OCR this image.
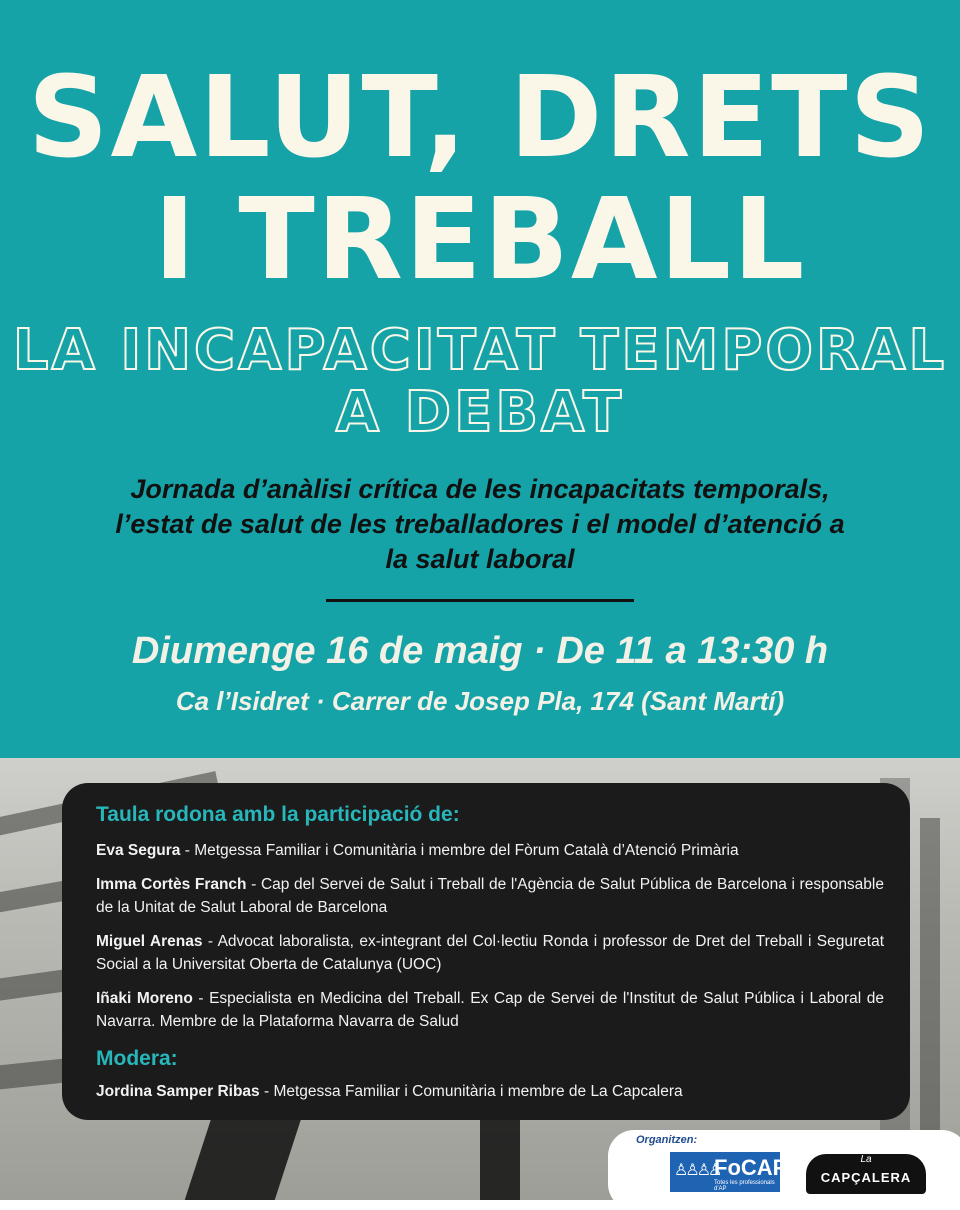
SALUT, DRETS
I TREBALL
LA INCAPACITAT TEMPORAL
A DEBAT
Jornada d’anàlisi crítica de les incapacitats temporals,
l’estat de salut de les treballadores i el model d’atenció a
la salut laboral
Diumenge 16 de maig · De 11 a 13:30 h
Ca l’Isidret · Carrer de Josep Pla, 174 (Sant Martí)
Taula rodona amb la participació de:
Eva Segura - Metgessa Familiar i Comunitària i membre del Fòrum Català d’Atenció Primària
Imma Cortès Franch - Cap del Servei de Salut i Treball de l'Agència de Salut Pública de Barcelona i responsable de la Unitat de Salut Laboral de Barcelona
Miguel Arenas - Advocat laboralista, ex-integrant del Col·lectiu Ronda i professor de Dret del Treball i Seguretat Social a la Universitat Oberta de Catalunya (UOC)
Iñaki Moreno - Especialista en Medicina del Treball. Ex Cap de Servei de l'Institut de Salut Pública i Laboral de Navarra. Membre de la Plataforma Navarra de Salud
Modera:
Jordina Samper Ribas - Metgessa Familiar i Comunitària i membre de La Capcalera
Organitzen:
♙♙♙♙
FoCAP
Totes les professionals d'AP
La
CAPÇALERA
